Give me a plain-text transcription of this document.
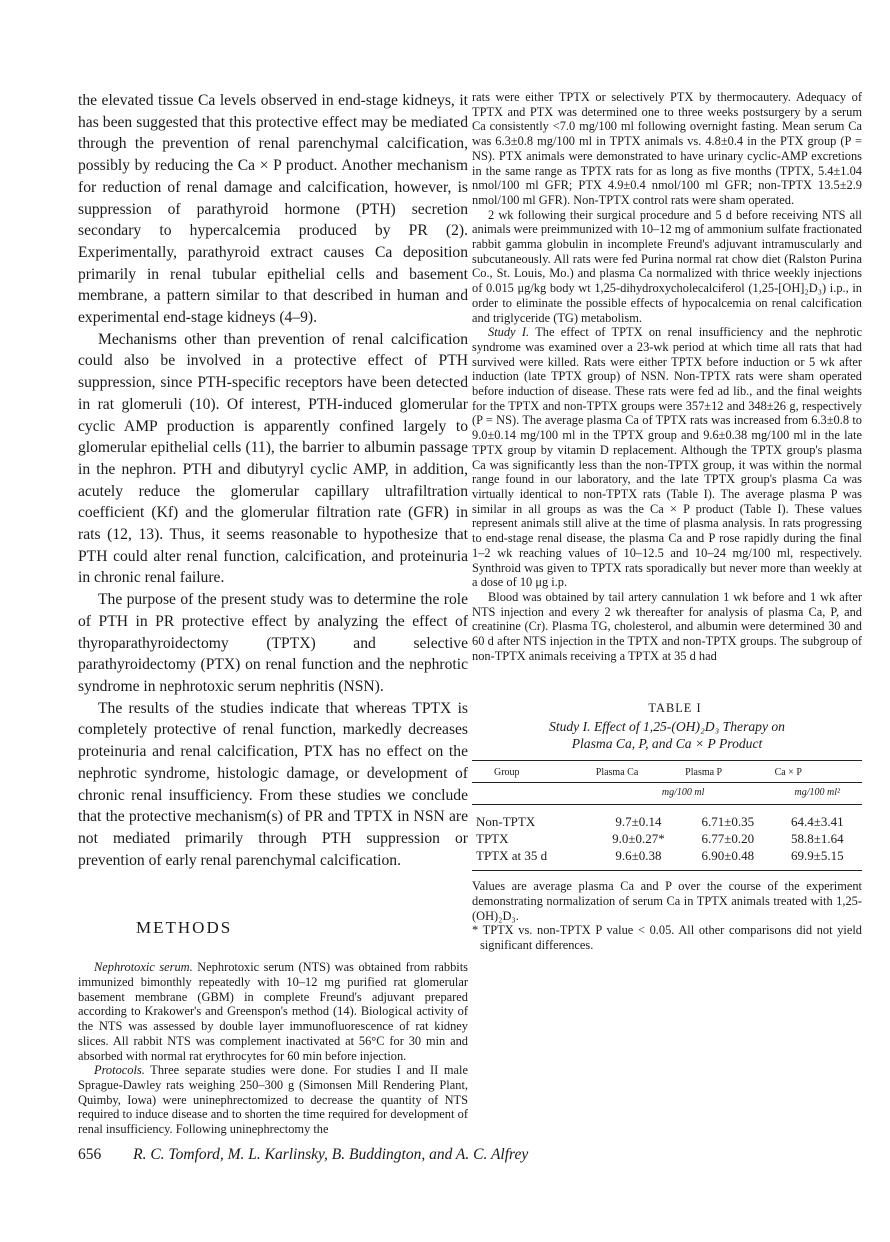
the elevated tissue Ca levels observed in end-stage kidneys, it has been suggested that this protective effect may be mediated through the prevention of renal parenchymal calcification, possibly by reducing the Ca × P product. Another mechanism for reduction of renal damage and calcification, however, is suppression of parathyroid hormone (PTH) secretion secondary to hypercalcemia produced by PR (2). Experimentally, parathyroid extract causes Ca deposition primarily in renal tubular epithelial cells and basement membrane, a pattern similar to that described in human and experimental end-stage kidneys (4–9).

Mechanisms other than prevention of renal calcification could also be involved in a protective effect of PTH suppression, since PTH-specific receptors have been detected in rat glomeruli (10). Of interest, PTH-induced glomerular cyclic AMP production is apparently confined largely to glomerular epithelial cells (11), the barrier to albumin passage in the nephron. PTH and dibutyryl cyclic AMP, in addition, acutely reduce the glomerular capillary ultrafiltration coefficient (Kf) and the glomerular filtration rate (GFR) in rats (12, 13). Thus, it seems reasonable to hypothesize that PTH could alter renal function, calcification, and proteinuria in chronic renal failure.

The purpose of the present study was to determine the role of PTH in PR protective effect by analyzing the effect of thyroparathyroidectomy (TPTX) and selective parathyroidectomy (PTX) on renal function and the nephrotic syndrome in nephrotoxic serum nephritis (NSN).

The results of the studies indicate that whereas TPTX is completely protective of renal function, markedly decreases proteinuria and renal calcification, PTX has no effect on the nephrotic syndrome, histologic damage, or development of chronic renal insufficiency. From these studies we conclude that the protective mechanism(s) of PR and TPTX in NSN are not mediated primarily through PTH suppression or prevention of early renal parenchymal calcification.

METHODS

Nephrotoxic serum. Nephrotoxic serum (NTS) was obtained from rabbits immunized bimonthly repeatedly with 10–12 mg purified rat glomerular basement membrane (GBM) in complete Freund's adjuvant prepared according to Krakower's and Greenspon's method (14). Biological activity of the NTS was assessed by double layer immunofluorescence of rat kidney slices. All rabbit NTS was complement inactivated at 56°C for 30 min and absorbed with normal rat erythrocytes for 60 min before injection.

Protocols. Three separate studies were done. For studies I and II male Sprague-Dawley rats weighing 250–300 g (Simonsen Mill Rendering Plant, Quimby, Iowa) were uninephrectomized to decrease the quantity of NTS required to induce disease and to shorten the time required for development of renal insufficiency. Following uninephrectomy the

rats were either TPTX or selectively PTX by thermocautery. Adequacy of TPTX and PTX was determined one to three weeks postsurgery by a serum Ca consistently <7.0 mg/100 ml following overnight fasting. Mean serum Ca was 6.3±0.8 mg/100 ml in TPTX animals vs. 4.8±0.4 in the PTX group (P = NS). PTX animals were demonstrated to have urinary cyclic-AMP excretions in the same range as TPTX rats for as long as five months (TPTX, 5.4±1.04 nmol/100 ml GFR; PTX 4.9±0.4 nmol/100 ml GFR; non-TPTX 13.5±2.9 nmol/100 ml GFR). Non-TPTX control rats were sham operated.

2 wk following their surgical procedure and 5 d before receiving NTS all animals were preimmunized with 10–12 mg of ammonium sulfate fractionated rabbit gamma globulin in incomplete Freund's adjuvant intramuscularly and subcutaneously. All rats were fed Purina normal rat chow diet (Ralston Purina Co., St. Louis, Mo.) and plasma Ca normalized with thrice weekly injections of 0.015 μg/kg body wt 1,25-dihydroxycholecalciferol (1,25-[OH]₂D₃) i.p., in order to eliminate the possible effects of hypocalcemia on renal calcification and triglyceride (TG) metabolism.

Study I. The effect of TPTX on renal insufficiency and the nephrotic syndrome was examined over a 23-wk period at which time all rats that had survived were killed. Rats were either TPTX before induction or 5 wk after induction (late TPTX group) of NSN. Non-TPTX rats were sham operated before induction of disease. These rats were fed ad lib., and the final weights for the TPTX and non-TPTX groups were 357±12 and 348±26 g, respectively (P = NS). The average plasma Ca of TPTX rats was increased from 6.3±0.8 to 9.0±0.14 mg/100 ml in the TPTX group and 9.6±0.38 mg/100 ml in the late TPTX group by vitamin D replacement. Although the TPTX group's plasma Ca was significantly less than the non-TPTX group, it was within the normal range found in our laboratory, and the late TPTX group's plasma Ca was virtually identical to non-TPTX rats (Table I). The average plasma P was similar in all groups as was the Ca × P product (Table I). These values represent animals still alive at the time of plasma analysis. In rats progressing to end-stage renal disease, the plasma Ca and P rose rapidly during the final 1–2 wk reaching values of 10–12.5 and 10–24 mg/100 ml, respectively. Synthroid was given to TPTX rats sporadically but never more than weekly at a dose of 10 μg i.p.

Blood was obtained by tail artery cannulation 1 wk before and 1 wk after NTS injection and every 2 wk thereafter for analysis of plasma Ca, P, and creatinine (Cr). Plasma TG, cholesterol, and albumin were determined 30 and 60 d after NTS injection in the TPTX and non-TPTX groups. The subgroup of non-TPTX animals receiving a TPTX at 35 d had

TABLE I

Study I. Effect of 1,25-(OH)₂D₃ Therapy on
Plasma Ca, P, and Ca × P Product
Group	Plasma Ca	Plasma P	Ca × P
	mg/100 ml		mg/100 ml²
Non-TPTX	9.7±0.14	6.71±0.35	64.4±3.41
TPTX	9.0±0.27*	6.77±0.20	58.8±1.64
TPTX at 35 d	9.6±0.38	6.90±0.48	69.9±5.15

Values are average plasma Ca and P over the course of the experiment demonstrating normalization of serum Ca in TPTX animals treated with 1,25-(OH)₂D₃.

* TPTX vs. non-TPTX P value < 0.05. All other comparisons did not yield significant differences.

656 R. C. Tomford, M. L. Karlinsky, B. Buddington, and A. C. Alfrey
